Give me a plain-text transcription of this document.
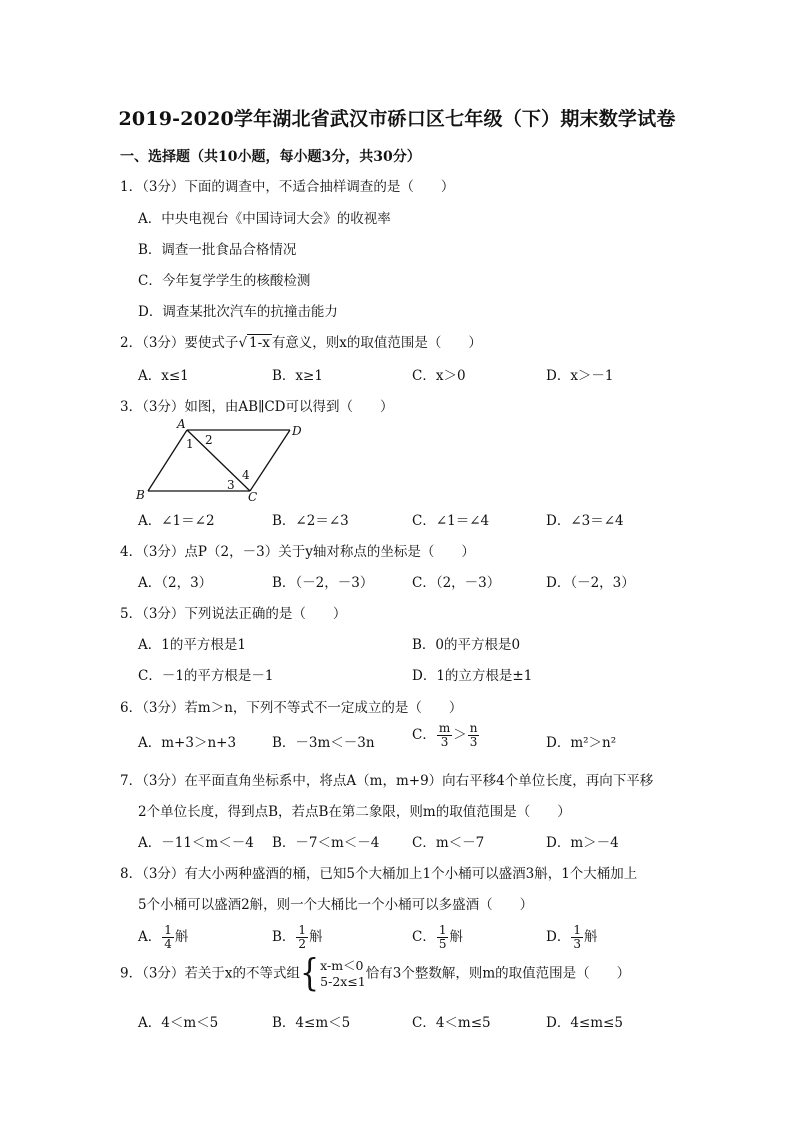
2019-2020学年湖北省武汉市硚口区七年级（下）期末数学试卷
一、选择题（共10小题，每小题3分，共30分）
1．（3分）下面的调查中，不适合抽样调查的是（　　）
A．中央电视台《中国诗词大会》的收视率
B．调查一批食品合格情况
C．今年复学学生的核酸检测
D．调查某批次汽车的抗撞击能力
2．（3分）要使式子√ 1-x 有意义，则x的取值范围是（　　）
A．x≤1	B．x≥1	C．x＞0	D．x＞－1
3．（3分）如图，由AB∥CD可以得到（　　）
A	D
B	C
1 2
3
4
A．∠1＝∠2	B．∠2＝∠3	C．∠1＝∠4	D．∠3＝∠4
4．（3分）点P（2，－3）关于y轴对称点的坐标是（　　）
A．（2，3）	B．（－2，－3）	C．（2，－3）	D．（－2，3）
5．（3分）下列说法正确的是（　　）
A．1的平方根是1	B．0的平方根是0
C．－1的平方根是－1	D．1的立方根是±1
6．（3分）若m＞n，下列不等式不一定成立的是（　　）
A．m+3＞n+3	B．－3m＜－3n	C． $\frac{m}{3} > \frac{n}{3}$	D．m²＞n²
7．（3分）在平面直角坐标系中，将点A（m，m+9）向右平移4个单位长度，再向下平移
2个单位长度，得到点B，若点B在第二象限，则m的取值范围是（　　）
A．－11＜m＜－4 B．－7＜m＜－4 C．m＜－7	D．m＞－4
8．（3分）有大小两种盛酒的桶，已知5个大桶加上1个小桶可以盛酒3斛，1个大桶加上
5个小桶可以盛酒2斛，则一个大桶比一个小桶可以多盛酒（　　）
A． $\frac{1}{4}$ 斛	B． $\frac{1}{2}$ 斛	C． $\frac{1}{5}$ 斛	D． $\frac{1}{3}$ 斛
9．（3分）若关于x的不等式组{ x-m＜0
5-2x≤1 恰有3个整数解，则m的取值范围是（　　）
A．4＜m＜5	B．4≤m＜5	C．4＜m≤5	D．4≤m≤5
